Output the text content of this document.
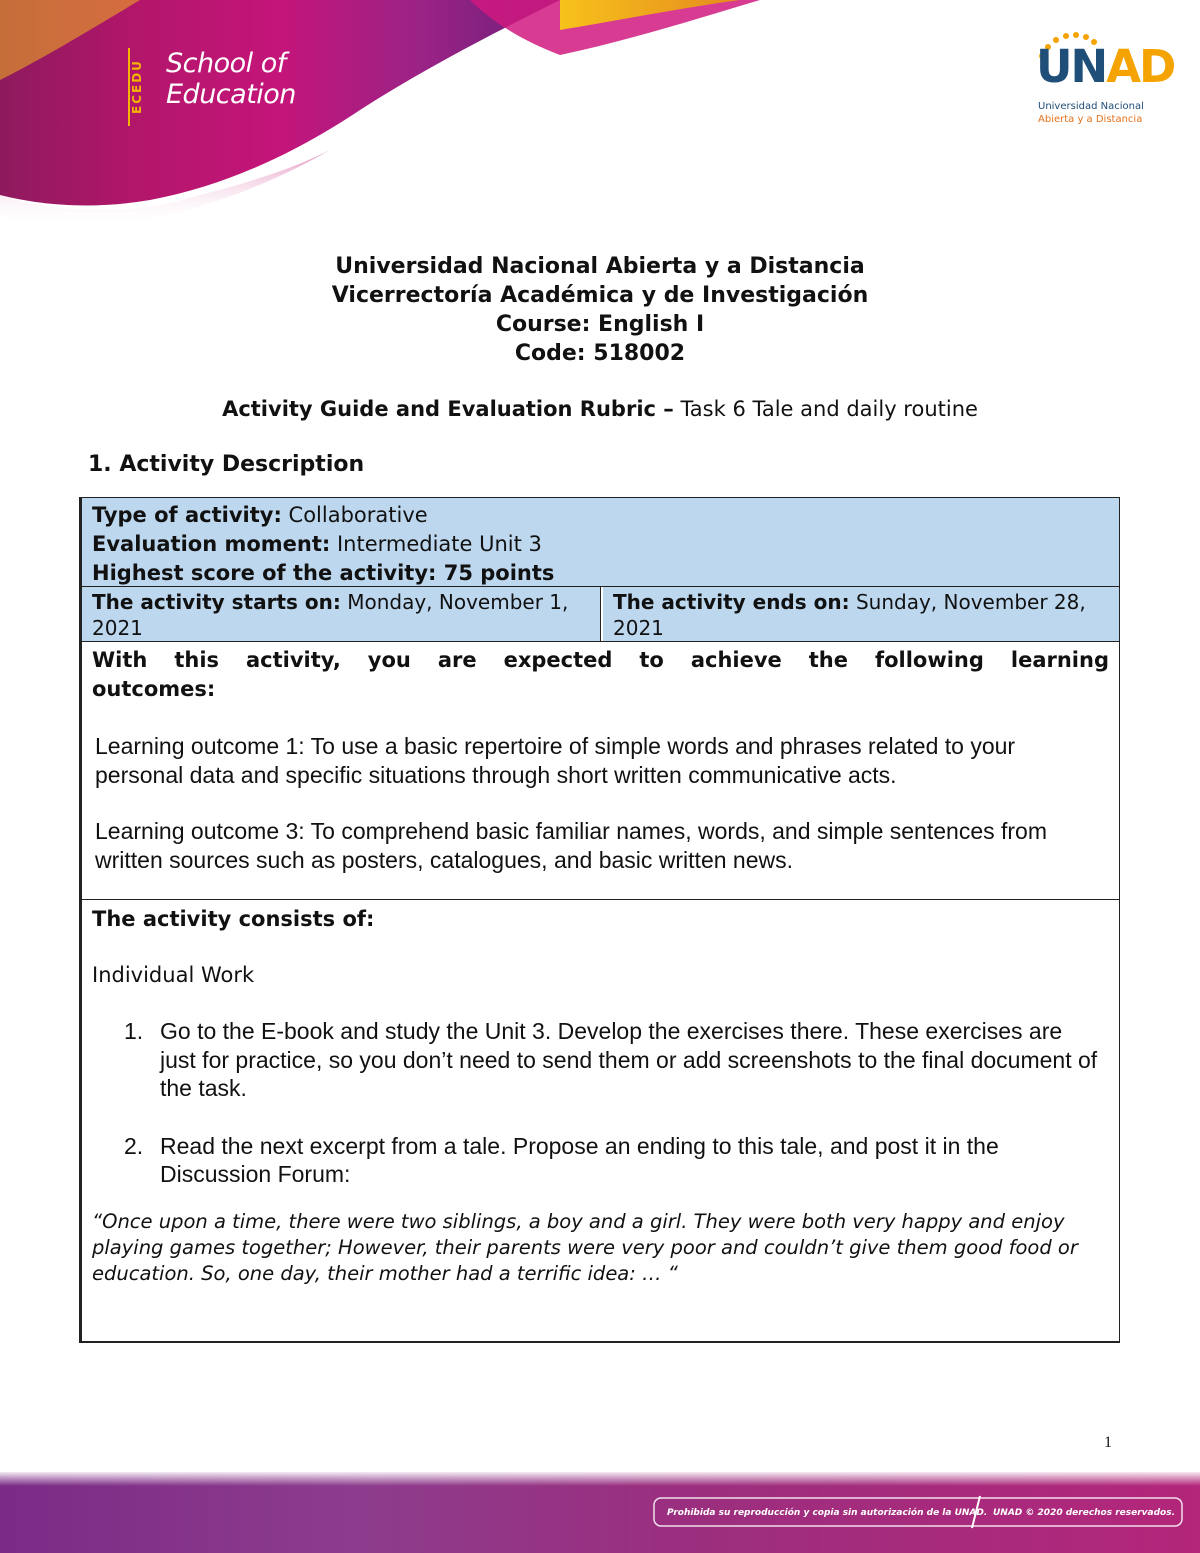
ECEDU School of
Education
UNAD
Universidad Nacional
Abierta y a Distancia
Universidad Nacional Abierta y a Distancia
Vicerrectoría Académica y de Investigación
Course: English I
Code: 518002
Activity Guide and Evaluation Rubric – Task 6 Tale and daily routine
1. Activity Description
Type of activity: Collaborative
Evaluation moment: Intermediate Unit 3
Highest score of the activity: 75 points
The activity starts on: Monday, November 1, 2021
The activity ends on: Sunday, November 28, 2021
With this activity, you are expected to achieve the following learning outcomes:
Learning outcome 1: To use a basic repertoire of simple words and phrases related to your personal data and specific situations through short written communicative acts.
Learning outcome 3: To comprehend basic familiar names, words, and simple sentences from written sources such as posters, catalogues, and basic written news.
The activity consists of:
Individual Work
1. Go to the E-book and study the Unit 3. Develop the exercises there. These exercises are just for practice, so you don’t need to send them or add screenshots to the final document of the task.
2. Read the next excerpt from a tale. Propose an ending to this tale, and post it in the Discussion Forum:
“Once upon a time, there were two siblings, a boy and a girl. They were both very happy and enjoy playing games together; However, their parents were very poor and couldn’t give them good food or education. So, one day, their mother had a terrific idea: … “
1
Prohibida su reproducción y copia sin autorización de la UNAD. UNAD © 2020 derechos reservados.
